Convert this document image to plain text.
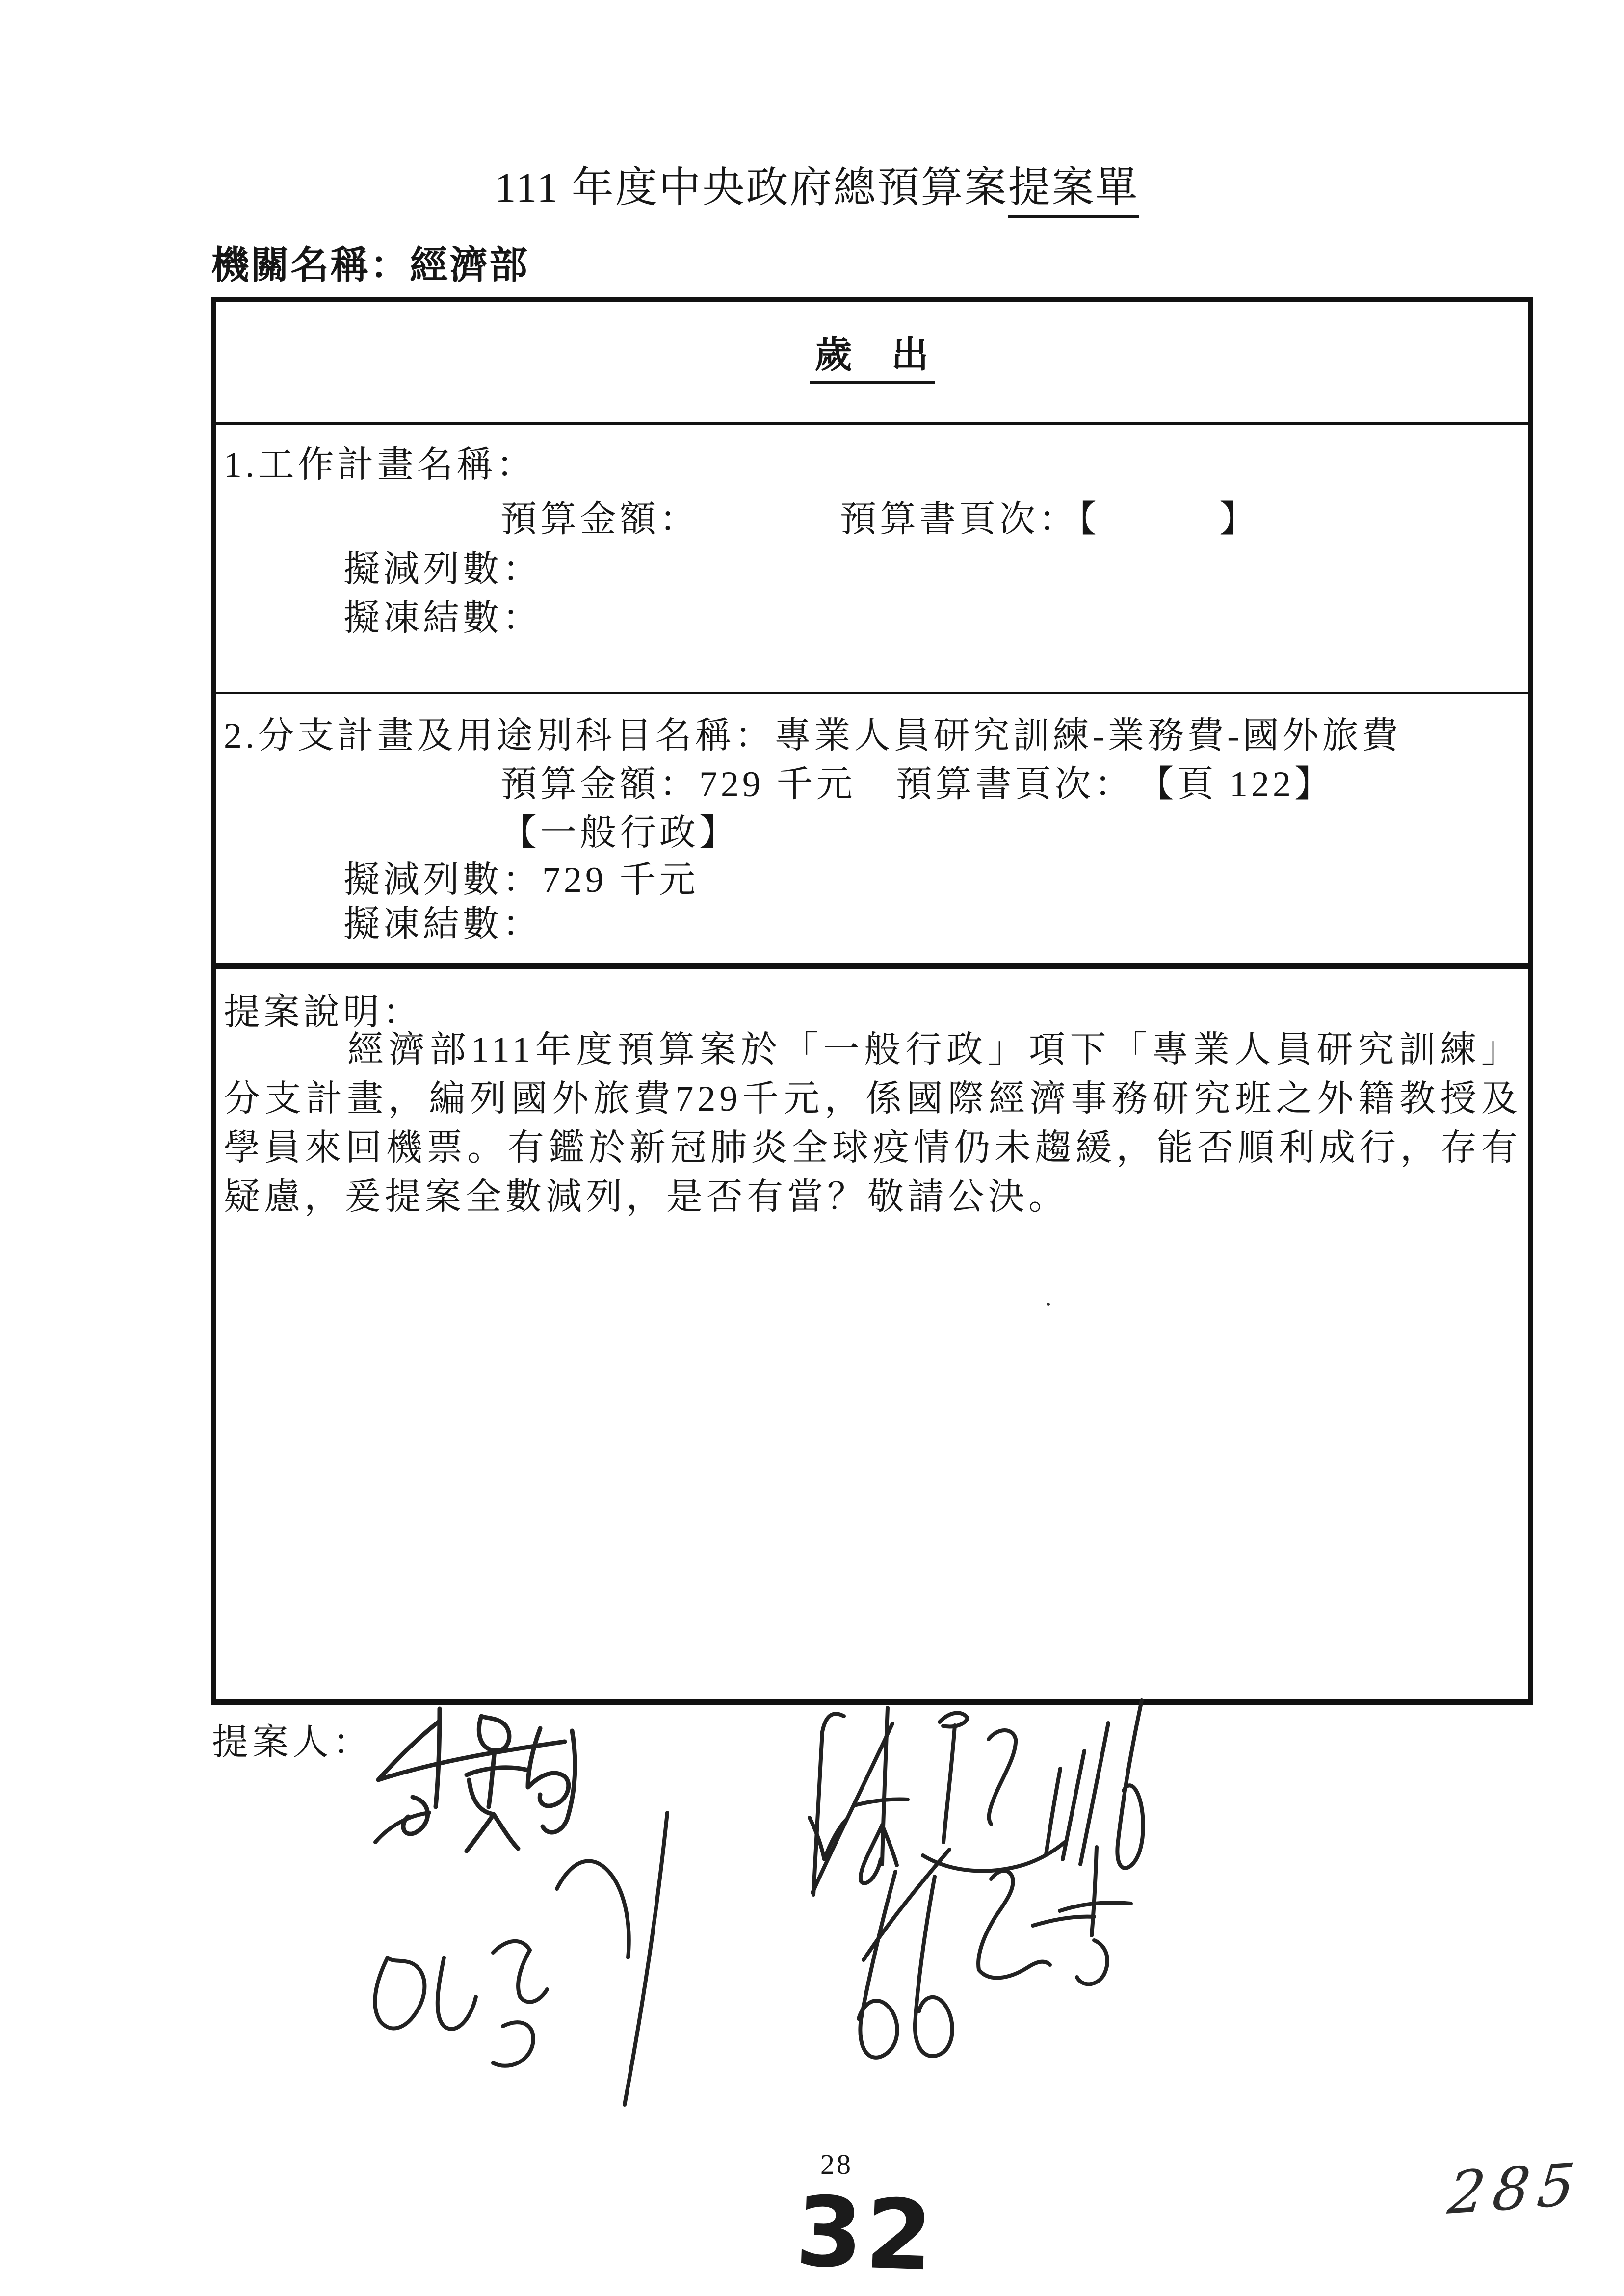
111 年度中央政府總預算案提案單
機關名稱：經濟部
歲　出
1.工作計畫名稱：
預算金額：　　　　預算書頁次：【　　　】
擬減列數：
擬凍結數：
2.分支計畫及用途別科目名稱：專業人員研究訓練-業務費-國外旅費
預算金額：729 千元　預算書頁次：　【頁 122】
【一般行政】
擬減列數：729 千元
擬凍結數：
提案說明：
經濟部111年度預算案於「一般行政」項下「專業人員研究訓練」分支計畫，編列國外旅費729千元，係國際經濟事務研究班之外籍教授及學員來回機票。有鑑於新冠肺炎全球疫情仍未趨緩，能否順利成行，存有疑慮，爰提案全數減列，是否有當？敬請公決。
提案人：
28
32	285
